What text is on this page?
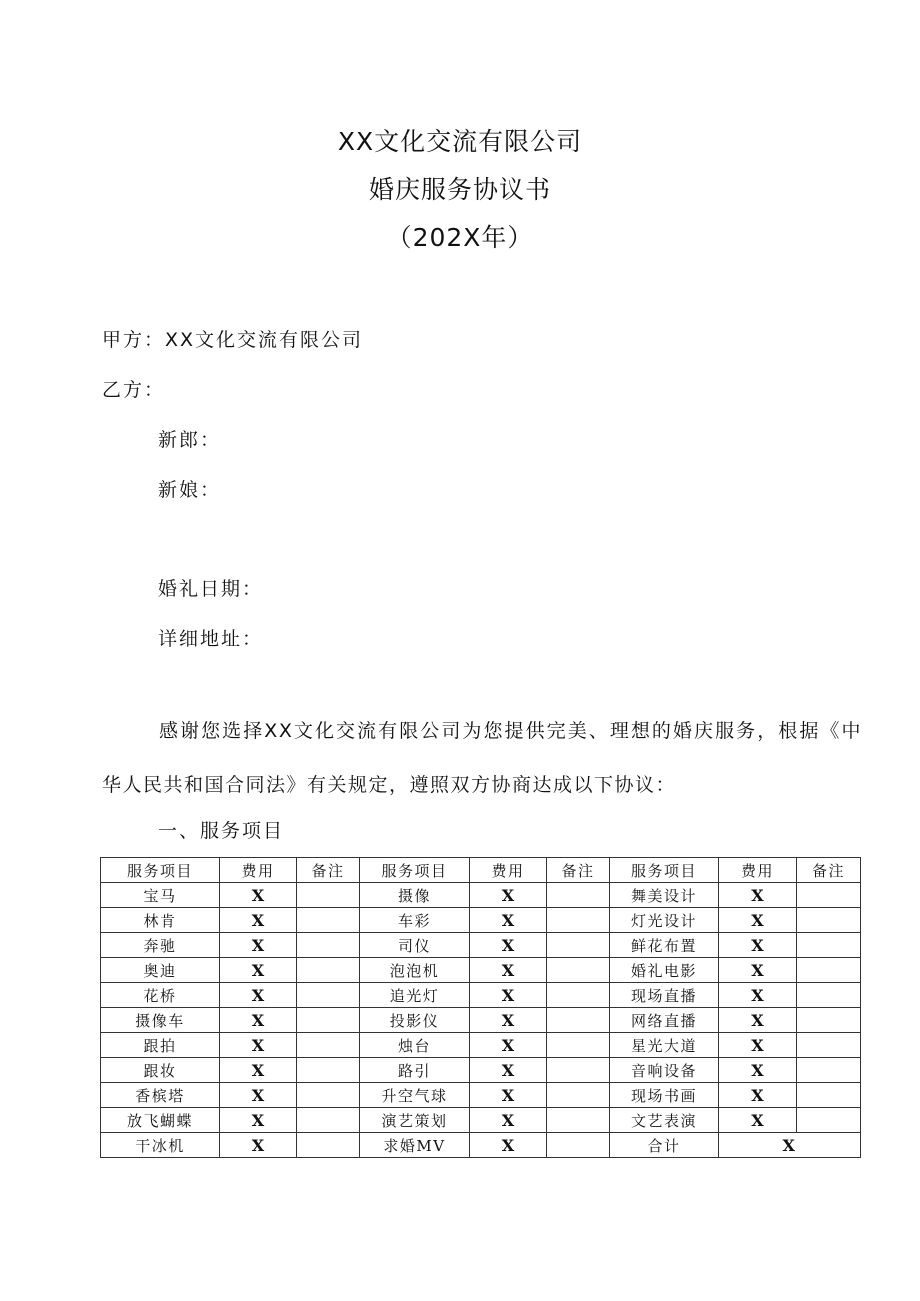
XX文化交流有限公司
婚庆服务协议书
（202X年）
甲方：XX文化交流有限公司
乙方：
新郎：
新娘：
婚礼日期：
详细地址：
感谢您选择XX文化交流有限公司为您提供完美、理想的婚庆服务，根据《中华人民共和国合同法》有关规定，遵照双方协商达成以下协议：
一、服务项目
服务项目	费用	备注	服务项目	费用	备注	服务项目	费用	备注
宝马	X		摄像	X		舞美设计	X	
林肯	X		车彩	X		灯光设计	X	
奔驰	X		司仪	X		鲜花布置	X	
奥迪	X		泡泡机	X		婚礼电影	X	
花桥	X		追光灯	X		现场直播	X	
摄像车	X		投影仪	X		网络直播	X	
跟拍	X		烛台	X		星光大道	X	
跟妆	X		路引	X		音响设备	X	
香槟塔	X		升空气球	X		现场书画	X	
放飞蝴蝶	X		演艺策划	X		文艺表演	X	
干冰机	X		求婚MV	X		合计	X	
